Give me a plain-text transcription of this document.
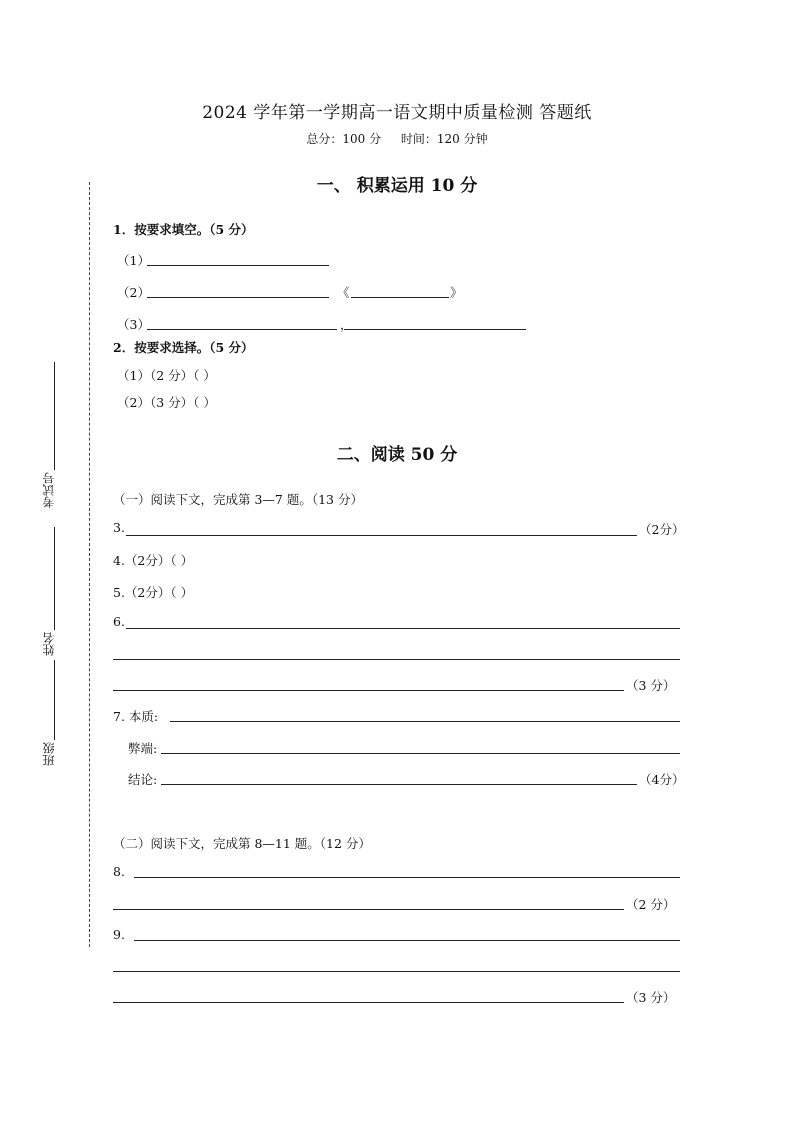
2024 学年第一学期高一语文期中质量检测 答题纸
总分：100 分 时间：120 分钟
考试号
姓名
班级
一、 积累运用 10 分
1．按要求填空。（5 分）
（1）
（2）	《	》
（3）	，
2．按要求选择。（5 分）
（1）（2 分）（ ）
（2）（3 分）（ ）
二、阅读 50 分
（一）阅读下文，完成第 3—7 题。（13 分）
3.	（2分）
4.（2分）（ ）
5.（2分）（ ）
6.
（3 分）
7. 本质:
弊端:
结论:	（4分）
（二）阅读下文，完成第 8—11 题。（12 分）
8.
（2 分）
9.
（3 分）
